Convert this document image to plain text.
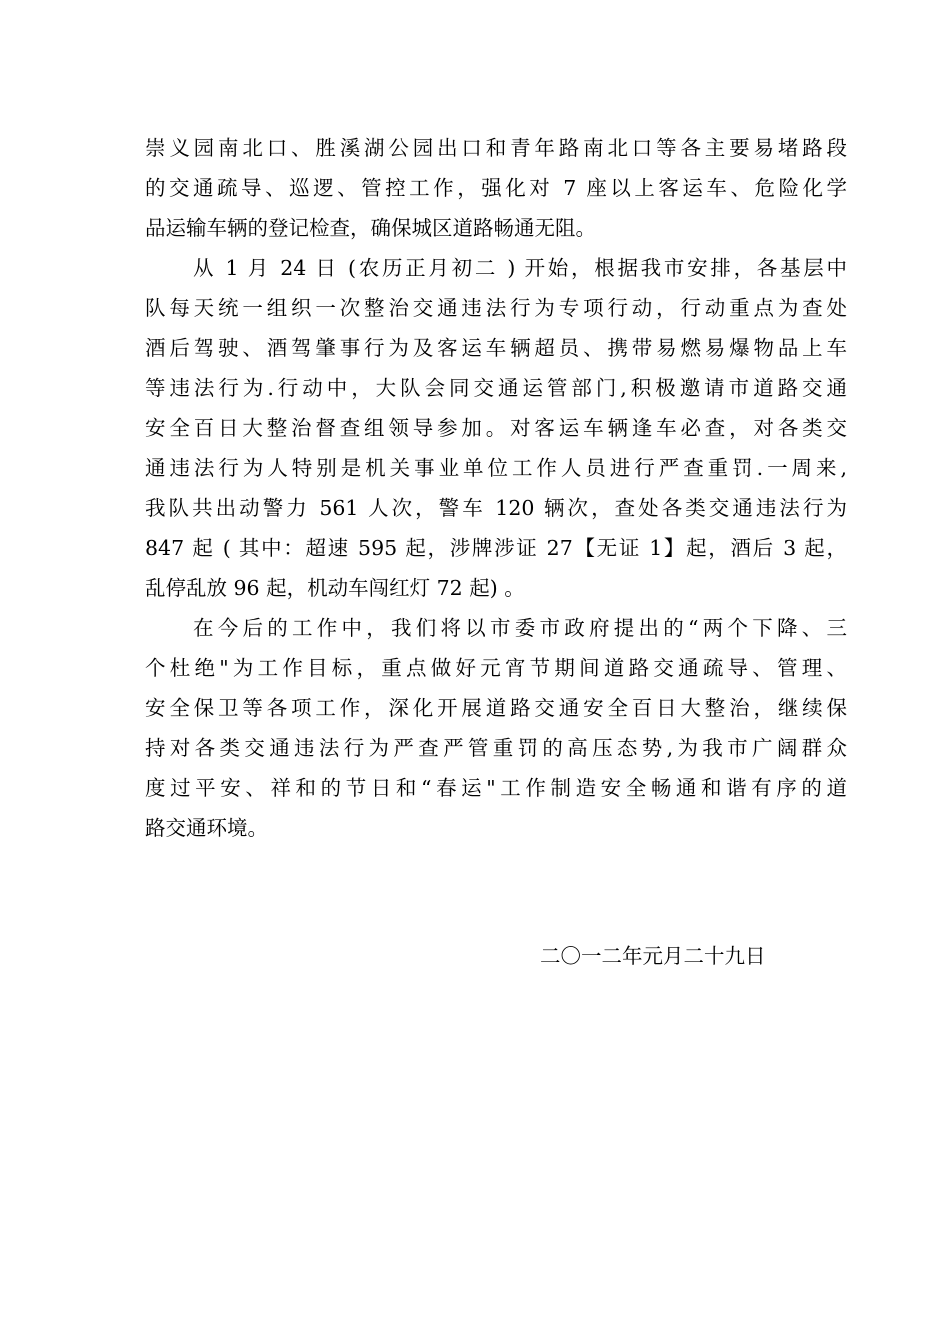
崇义园南北口、胜溪湖公园出口和青年路南北口等各主要易堵路段
的交通疏导、巡逻、管控工作，强化对 7 座以上客运车、危险化学
品运输车辆的登记检查，确保城区道路畅通无阻。
从 1 月 24 日 (农历正月初二 ) 开始，根据我市安排，各基层中
队每天统一组织一次整治交通违法行为专项行动，行动重点为查处
酒后驾驶、酒驾肇事行为及客运车辆超员、携带易燃易爆物品上车
等违法行为.行动中，大队会同交通运管部门,积极邀请市道路交通
安全百日大整治督查组领导参加。对客运车辆逢车必查，对各类交
通违法行为人特别是机关事业单位工作人员进行严查重罚.一周来,
我队共出动警力 561 人次，警车 120 辆次，查处各类交通违法行为
847 起 ( 其中：超速 595 起，涉牌涉证 27【无证 1】起，酒后 3 起，
乱停乱放 96 起，机动车闯红灯 72 起) 。
在今后的工作中，我们将以市委市政府提出的“两个下降、三
个杜绝"为工作目标，重点做好元宵节期间道路交通疏导、管理、
安全保卫等各项工作，深化开展道路交通安全百日大整治，继续保
持对各类交通违法行为严查严管重罚的高压态势,为我市广阔群众
度过平安、祥和的节日和“春运"工作制造安全畅通和谐有序的道
路交通环境。
二〇一二年元月二十九日
